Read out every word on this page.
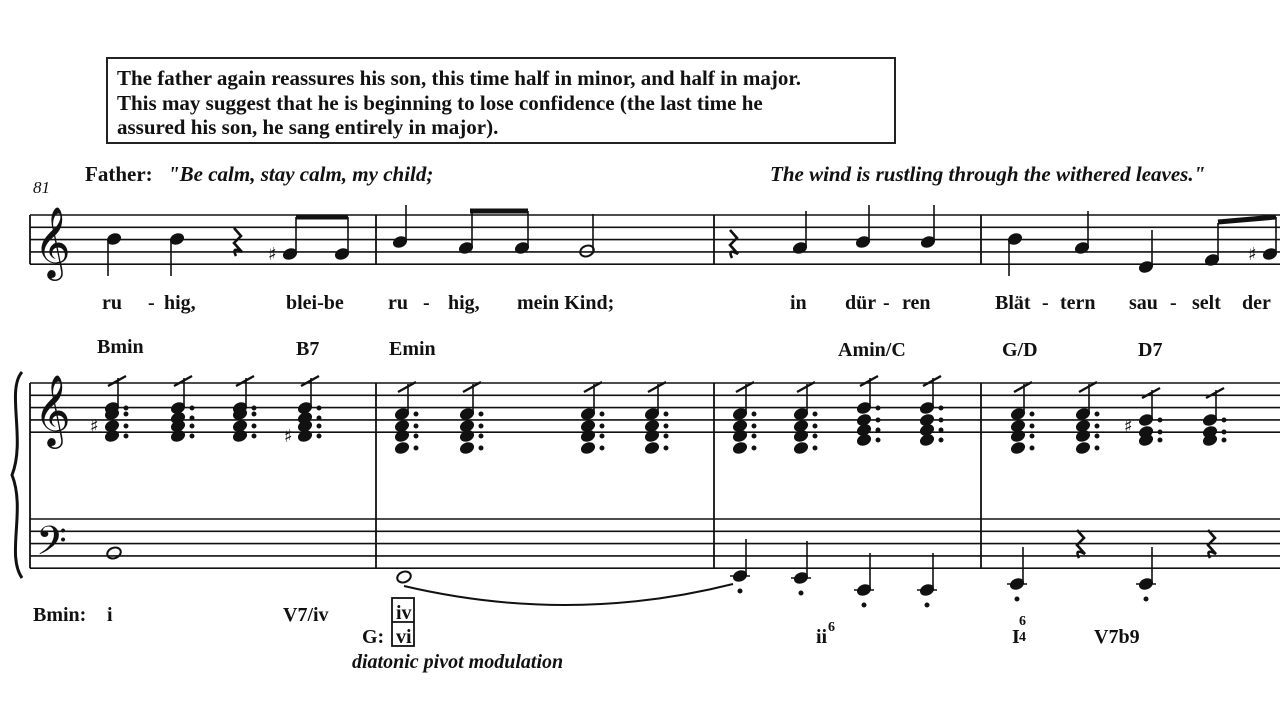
The father again reassures his son, this time half in minor, and half in major.
This may suggest that he is beginning to lose confidence (the last time he
assured his son, he sang entirely in major).
81
Father: "Be calm, stay calm, my child;	The wind is rustling through the withered leaves."
𝄞
𝄞
𝄢
♯	♯
♯	♯	♯
ru - hig,	blei-be ru - hig, mein Kind;	in dür - ren	Blät - tern sau - selt der
Bmin	B7	Emin	Amin/C	G/D	D7
Bmin: i	V7/iv	iv
G: vi
diatonic pivot modulation
ii 6	I
6
4	V7b9
